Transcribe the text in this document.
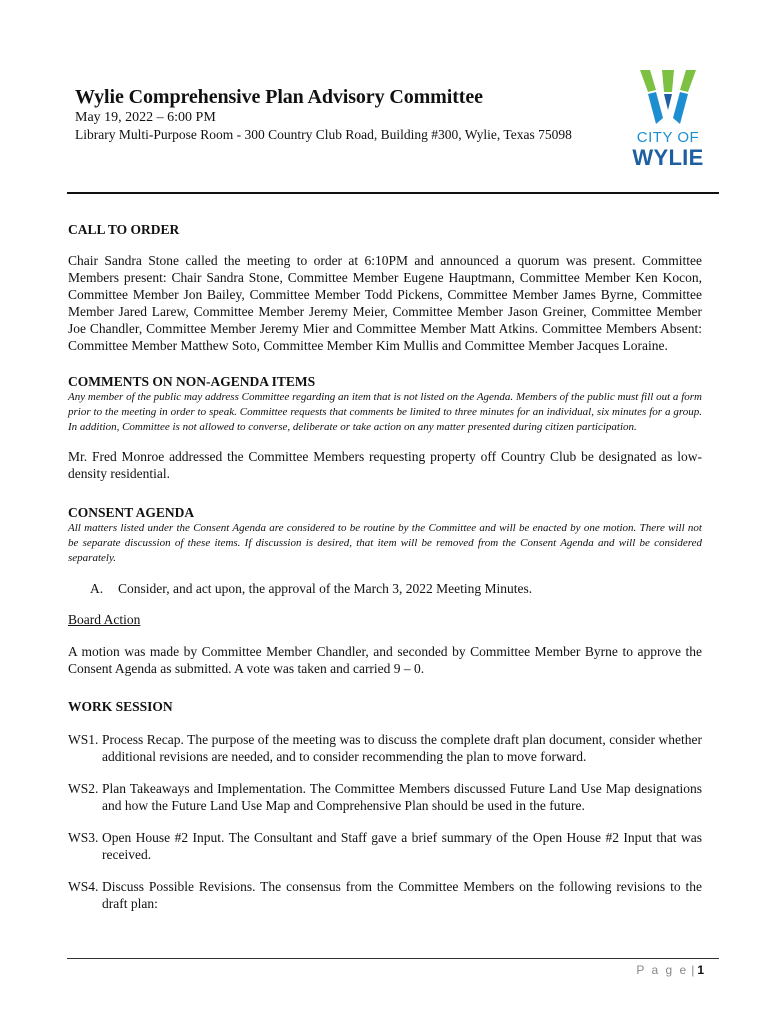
Wylie Comprehensive Plan Advisory Committee
May 19, 2022 – 6:00 PM
Library Multi-Purpose Room - 300 Country Club Road, Building #300, Wylie, Texas 75098	CITY OF
WYLIE

CALL TO ORDER

Chair Sandra Stone called the meeting to order at 6:10PM and announced a quorum was present. Committee Members present: Chair Sandra Stone, Committee Member Eugene Hauptmann, Committee Member Ken Kocon, Committee Member Jon Bailey, Committee Member Todd Pickens, Committee Member James Byrne, Committee Member Jared Larew, Committee Member Jeremy Meier, Committee Member Jason Greiner, Committee Member Joe Chandler, Committee Member Jeremy Mier and Committee Member Matt Atkins. Committee Members Absent: Committee Member Matthew Soto, Committee Member Kim Mullis and Committee Member Jacques Loraine.

COMMENTS ON NON-AGENDA ITEMS

Any member of the public may address Committee regarding an item that is not listed on the Agenda. Members of the public must fill out a form prior to the meeting in order to speak. Committee requests that comments be limited to three minutes for an individual, six minutes for a group. In addition, Committee is not allowed to converse, deliberate or take action on any matter presented during citizen participation.

Mr. Fred Monroe addressed the Committee Members requesting property off Country Club be designated as low-density residential.

CONSENT AGENDA

All matters listed under the Consent Agenda are considered to be routine by the Committee and will be enacted by one motion. There will not be separate discussion of these items. If discussion is desired, that item will be removed from the Consent Agenda and will be considered separately.

A. Consider, and act upon, the approval of the March 3, 2022 Meeting Minutes.
Board Action

A motion was made by Committee Member Chandler, and seconded by Committee Member Byrne to approve the Consent Agenda as submitted. A vote was taken and carried 9 – 0.

WORK SESSION

WS1. Process Recap. The purpose of the meeting was to discuss the complete draft plan document, consider whether additional revisions are needed, and to consider recommending the plan to move forward.
WS2. Plan Takeaways and Implementation. The Committee Members discussed Future Land Use Map designations and how the Future Land Use Map and Comprehensive Plan should be used in the future.
WS3. Open House #2 Input. The Consultant and Staff gave a brief summary of the Open House #2 Input that was received.
WS4. Discuss Possible Revisions. The consensus from the Committee Members on the following revisions to the draft plan:
P a g e | 1
